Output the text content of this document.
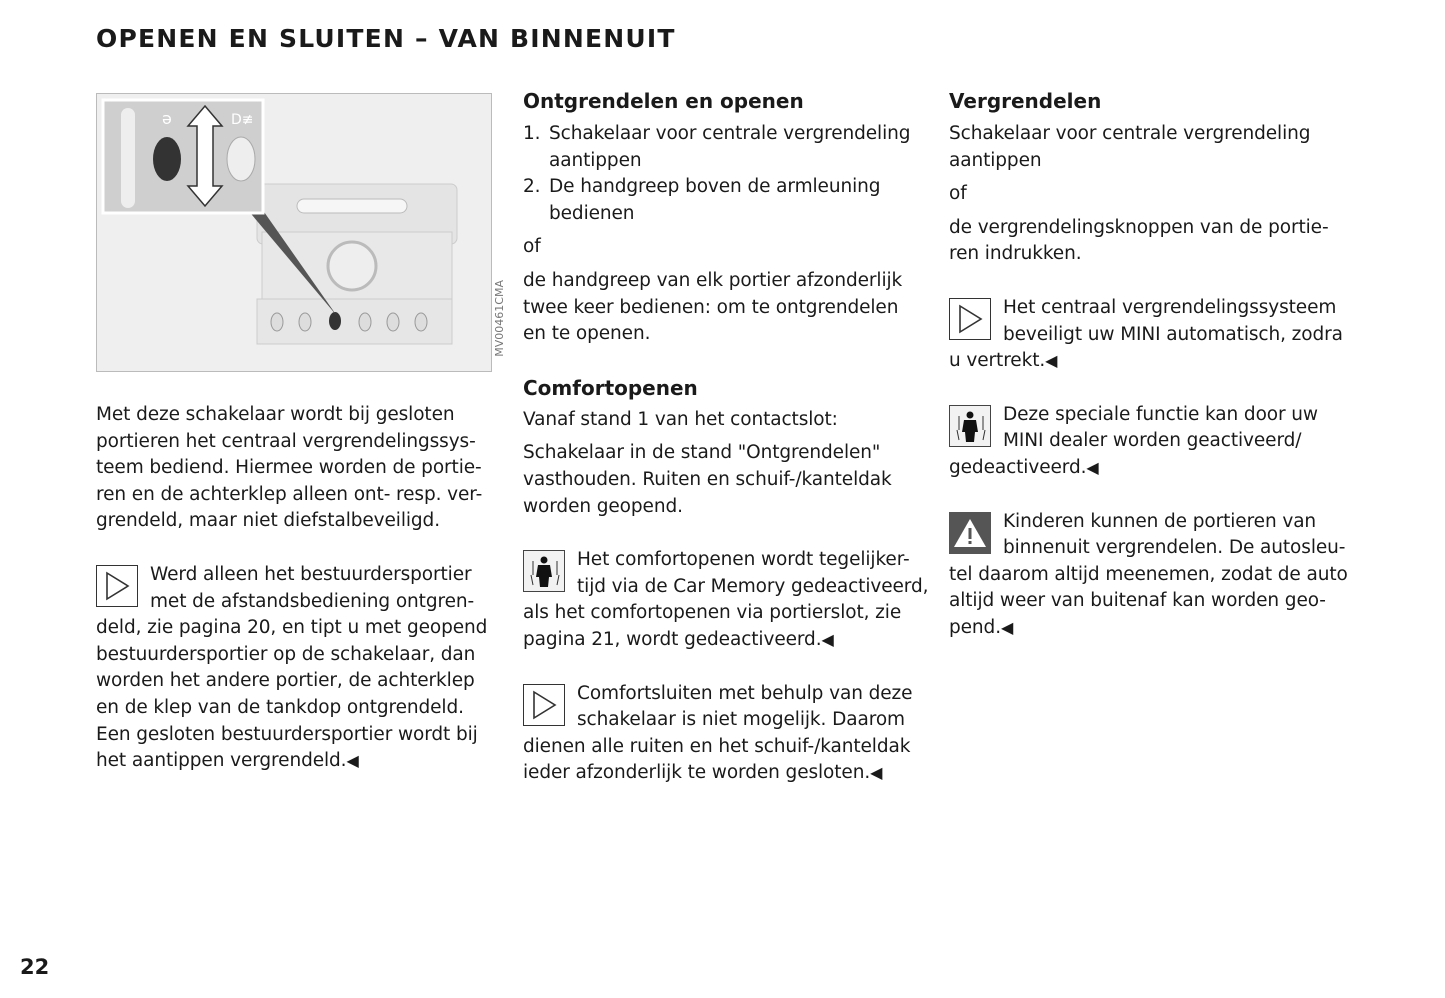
OPENEN EN SLUITEN – VAN BINNENUIT
ə	D≢
MV00461CMA

Met deze schakelaar wordt bij gesloten
portieren het centraal vergrendelingssys-
teem bediend. Hiermee worden de portie-
ren en de achterklep alleen ont- resp. ver-
grendeld, maar niet diefstalbeveiligd.

Werd alleen het bestuurdersportier
met de afstandsbediening ontgren-
deld, zie pagina 20, en tipt u met geopend
bestuurdersportier op de schakelaar, dan
worden het andere portier, de achterklep
en de klep van de tankdop ontgrendeld.
Een gesloten bestuurdersportier wordt bij
het aantippen vergrendeld.◀

Ontgrendelen en openen
1. Schakelaar voor centrale vergrendeling
aantippen
2. De handgreep boven de armleuning
bedienen

of

de handgreep van elk portier afzonderlijk
twee keer bedienen: om te ontgrendelen
en te openen.

Comfortopenen

Vanaf stand 1 van het contactslot:

Schakelaar in de stand "Ontgrendelen"
vasthouden. Ruiten en schuif-/kanteldak
worden geopend.

Het comfortopenen wordt tegelijker-
tijd via de Car Memory gedeactiveerd,
als het comfortopenen via portierslot, zie
pagina 21, wordt gedeactiveerd.◀

Comfortsluiten met behulp van deze
schakelaar is niet mogelijk. Daarom
dienen alle ruiten en het schuif-/kanteldak
ieder afzonderlijk te worden gesloten.◀

Vergrendelen

Schakelaar voor centrale vergrendeling
aantippen

of

de vergrendelingsknoppen van de portie-
ren indrukken.

Het centraal vergrendelingssysteem
beveiligt uw MINI automatisch, zodra
u vertrekt.◀

Deze speciale functie kan door uw
MINI dealer worden geactiveerd/
gedeactiveerd.◀

Kinderen kunnen de portieren van
binnenuit vergrendelen. De autosleu-
tel daarom altijd meenemen, zodat de auto
altijd weer van buitenaf kan worden geo-
pend.◀

22
